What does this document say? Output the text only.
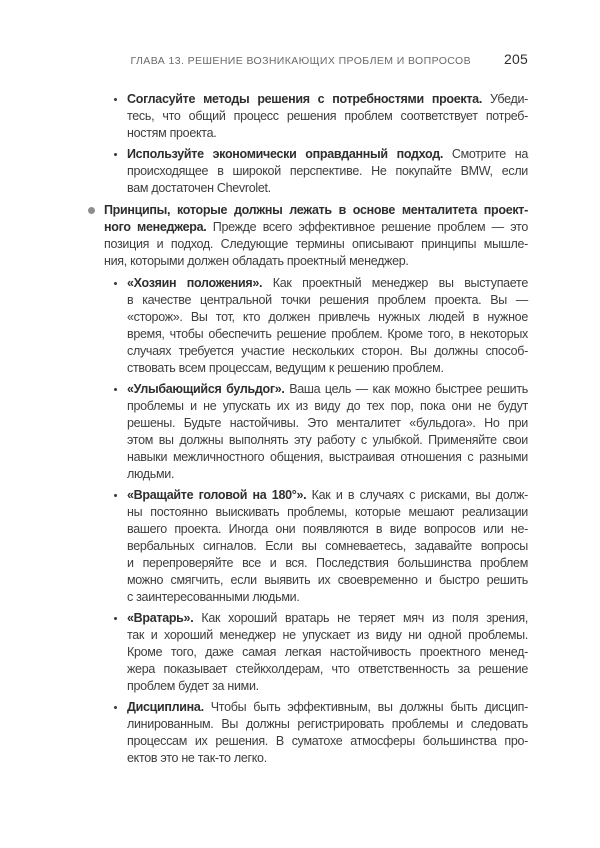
ГЛАВА 13. РЕШЕНИЕ ВОЗНИКАЮЩИХ ПРОБЛЕМ И ВОПРОСОВ 205
Согласуйте методы решения с потребностями проекта. Убеди-
тесь, что общий процесс решения проблем соответствует потреб-
ностям проекта.
Используйте экономически оправданный подход. Смотрите на
происходящее в широкой перспективе. Не покупайте BMW, если
вам достаточен Chevrolet.
Принципы, которые должны лежать в основе менталитета проект-
ного менеджера. Прежде всего эффективное решение проблем — это
позиция и подход. Следующие термины описывают принципы мышле-
ния, которыми должен обладать проектный менеджер.
«Хозяин положения». Как проектный менеджер вы выступаете
в качестве центральной точки решения проблем проекта. Вы —
«сторож». Вы тот, кто должен привлечь нужных людей в нужное
время, чтобы обеспечить решение проблем. Кроме того, в некоторых
случаях требуется участие нескольких сторон. Вы должны способ-
ствовать всем процессам, ведущим к решению проблем.
«Улыбающийся бульдог». Ваша цель — как можно быстрее решить
проблемы и не упускать их из виду до тех пор, пока они не будут
решены. Будьте настойчивы. Это менталитет «бульдога». Но при
этом вы должны выполнять эту работу с улыбкой. Применяйте свои
навыки межличностного общения, выстраивая отношения с разными
людьми.
«Вращайте головой на 180°». Как и в случаях с рисками, вы долж-
ны постоянно выискивать проблемы, которые мешают реализации
вашего проекта. Иногда они появляются в виде вопросов или не-
вербальных сигналов. Если вы сомневаетесь, задавайте вопросы
и перепроверяйте все и вся. Последствия большинства проблем
можно смягчить, если выявить их своевременно и быстро решить
с заинтересованными людьми.
«Вратарь». Как хороший вратарь не теряет мяч из поля зрения,
так и хороший менеджер не упускает из виду ни одной проблемы.
Кроме того, даже самая легкая настойчивость проектного менед-
жера показывает стейкхолдерам, что ответственность за решение
проблем будет за ними.
Дисциплина. Чтобы быть эффективным, вы должны быть дисцип-
линированным. Вы должны регистрировать проблемы и следовать
процессам их решения. В суматохе атмосферы большинства про-
ектов это не так-то легко.
